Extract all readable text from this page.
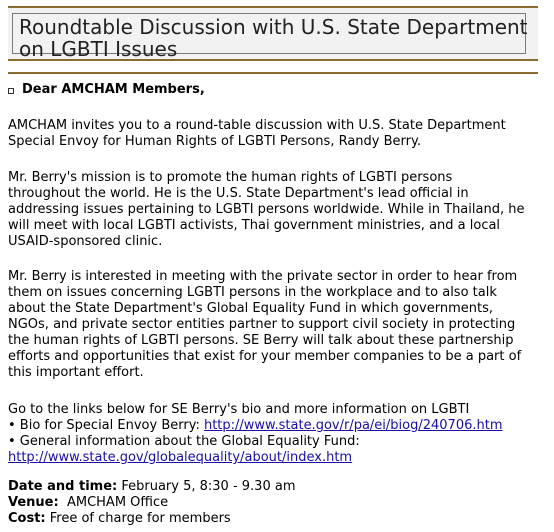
Roundtable Discussion with U.S. State Department
on LGBTI Issues
Dear AMCHAM Members,
AMCHAM invites you to a round-table discussion with U.S. State Department
Special Envoy for Human Rights of LGBTI Persons, Randy Berry.
Mr. Berry's mission is to promote the human rights of LGBTI persons
throughout the world. He is the U.S. State Department's lead official in
addressing issues pertaining to LGBTI persons worldwide. While in Thailand, he
will meet with local LGBTI activists, Thai government ministries, and a local
USAID-sponsored clinic.
Mr. Berry is interested in meeting with the private sector in order to hear from
them on issues concerning LGBTI persons in the workplace and to also talk
about the State Department's Global Equality Fund in which governments,
NGOs, and private sector entities partner to support civil society in protecting
the human rights of LGBTI persons. SE Berry will talk about these partnership
efforts and opportunities that exist for your member companies to be a part of
this important effort.
Go to the links below for SE Berry's bio and more information on LGBTI
• Bio for Special Envoy Berry: http://www.state.gov/r/pa/ei/biog/240706.htm
• General information about the Global Equality Fund:
http://www.state.gov/globalequality/about/index.htm
Date and time: February 5, 8:30 - 9.30 am
Venue:  AMCHAM Office
Cost: Free of charge for members
